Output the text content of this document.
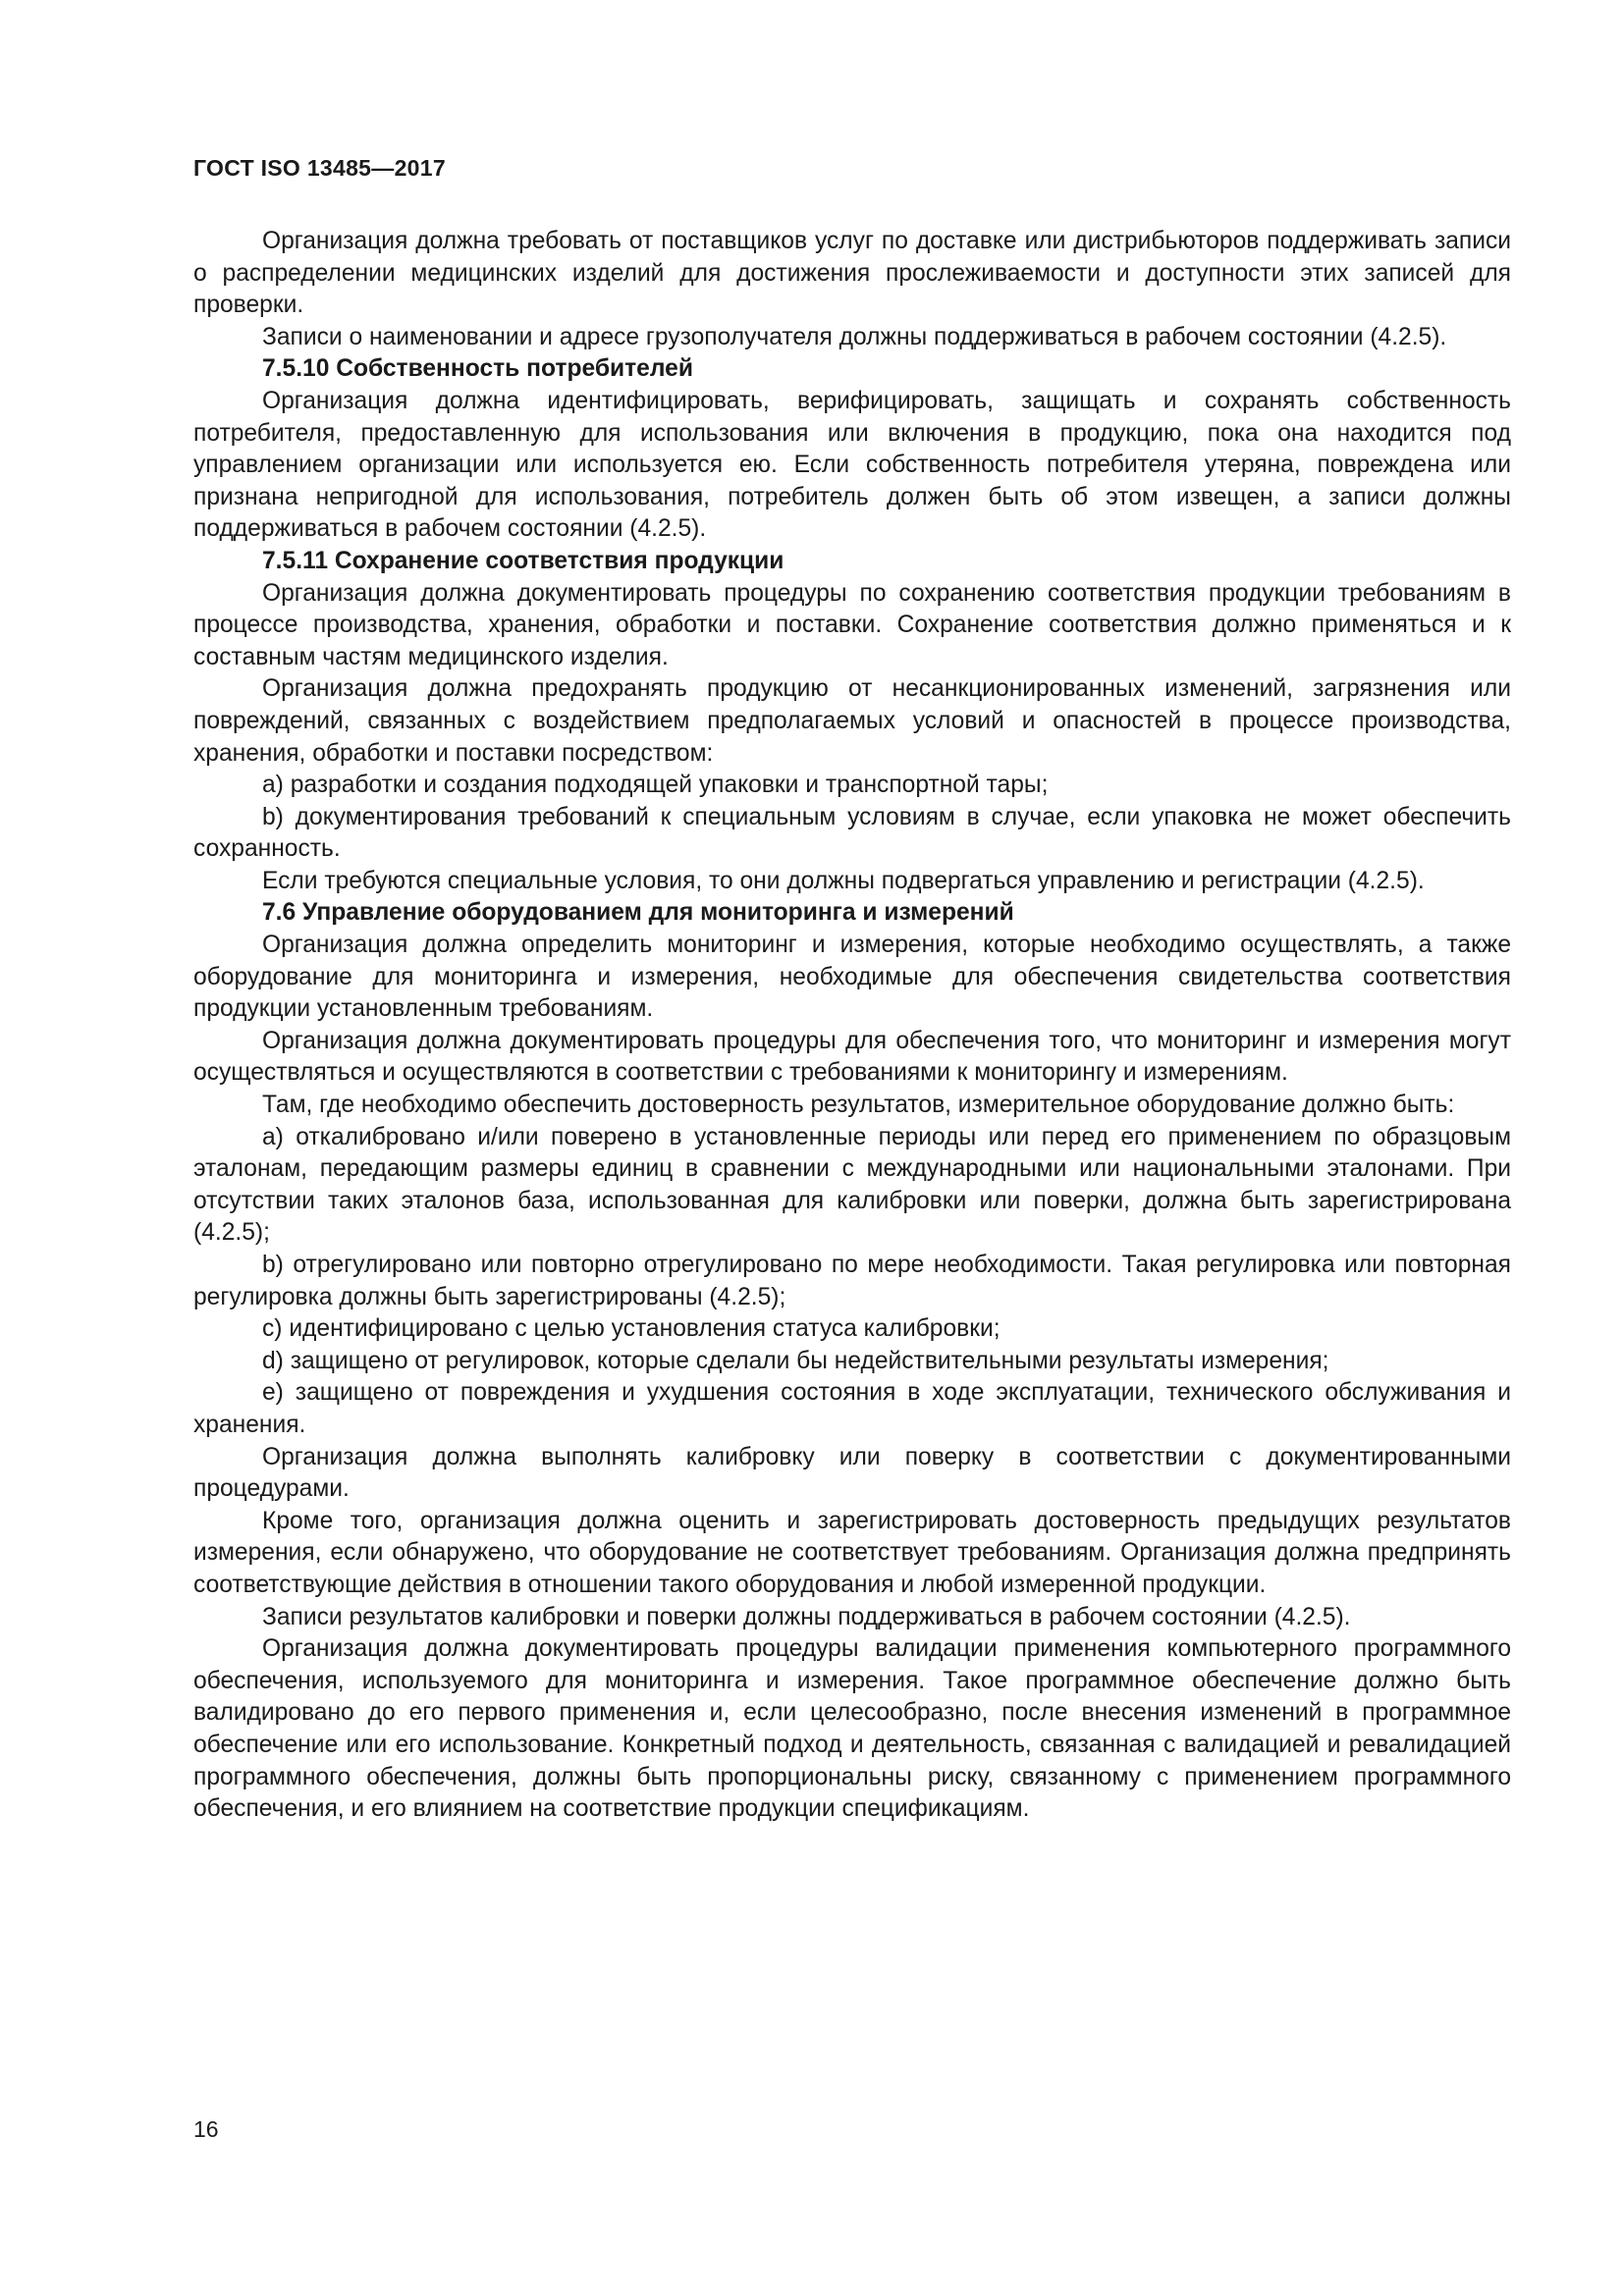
ГОСТ ISO 13485—2017

Организация должна требовать от поставщиков услуг по доставке или дистрибьюторов поддерживать записи о распределении медицинских изделий для достижения прослеживаемости и доступности этих записей для проверки.

Записи о наименовании и адресе грузополучателя должны поддерживаться в рабочем состоянии (4.2.5).

7.5.10 Собственность потребителей

Организация должна идентифицировать, верифицировать, защищать и сохранять собственность потребителя, предоставленную для использования или включения в продукцию, пока она находится под управлением организации или используется ею. Если собственность потребителя утеряна, повреждена или признана непригодной для использования, потребитель должен быть об этом извещен, а записи должны поддерживаться в рабочем состоянии (4.2.5).

7.5.11 Сохранение соответствия продукции

Организация должна документировать процедуры по сохранению соответствия продукции требованиям в процессе производства, хранения, обработки и поставки. Сохранение соответствия должно применяться и к составным частям медицинского изделия.

Организация должна предохранять продукцию от несанкционированных изменений, загрязнения или повреждений, связанных с воздействием предполагаемых условий и опасностей в процессе производства, хранения, обработки и поставки посредством:

a) разработки и создания подходящей упаковки и транспортной тары;

b) документирования требований к специальным условиям в случае, если упаковка не может обеспечить сохранность.

Если требуются специальные условия, то они должны подвергаться управлению и регистрации (4.2.5).

7.6 Управление оборудованием для мониторинга и измерений

Организация должна определить мониторинг и измерения, которые необходимо осуществлять, а также оборудование для мониторинга и измерения, необходимые для обеспечения свидетельства соответствия продукции установленным требованиям.

Организация должна документировать процедуры для обеспечения того, что мониторинг и измерения могут осуществляться и осуществляются в соответствии с требованиями к мониторингу и измерениям.

Там, где необходимо обеспечить достоверность результатов, измерительное оборудование должно быть:

a) откалибровано и/или поверено в установленные периоды или перед его применением по образцовым эталонам, передающим размеры единиц в сравнении с международными или национальными эталонами. При отсутствии таких эталонов база, использованная для калибровки или поверки, должна быть зарегистрирована (4.2.5);

b) отрегулировано или повторно отрегулировано по мере необходимости. Такая регулировка или повторная регулировка должны быть зарегистрированы (4.2.5);

c) идентифицировано с целью установления статуса калибровки;

d) защищено от регулировок, которые сделали бы недействительными результаты измерения;

e) защищено от повреждения и ухудшения состояния в ходе эксплуатации, технического обслуживания и хранения.

Организация должна выполнять калибровку или поверку в соответствии с документированными процедурами.

Кроме того, организация должна оценить и зарегистрировать достоверность предыдущих результатов измерения, если обнаружено, что оборудование не соответствует требованиям. Организация должна предпринять соответствующие действия в отношении такого оборудования и любой измеренной продукции.

Записи результатов калибровки и поверки должны поддерживаться в рабочем состоянии (4.2.5).

Организация должна документировать процедуры валидации применения компьютерного программного обеспечения, используемого для мониторинга и измерения. Такое программное обеспечение должно быть валидировано до его первого применения и, если целесообразно, после внесения изменений в программное обеспечение или его использование. Конкретный подход и деятельность, связанная с валидацией и ревалидацией программного обеспечения, должны быть пропорциональны риску, связанному с применением программного обеспечения, и его влиянием на соответствие продукции спецификациям.

16
